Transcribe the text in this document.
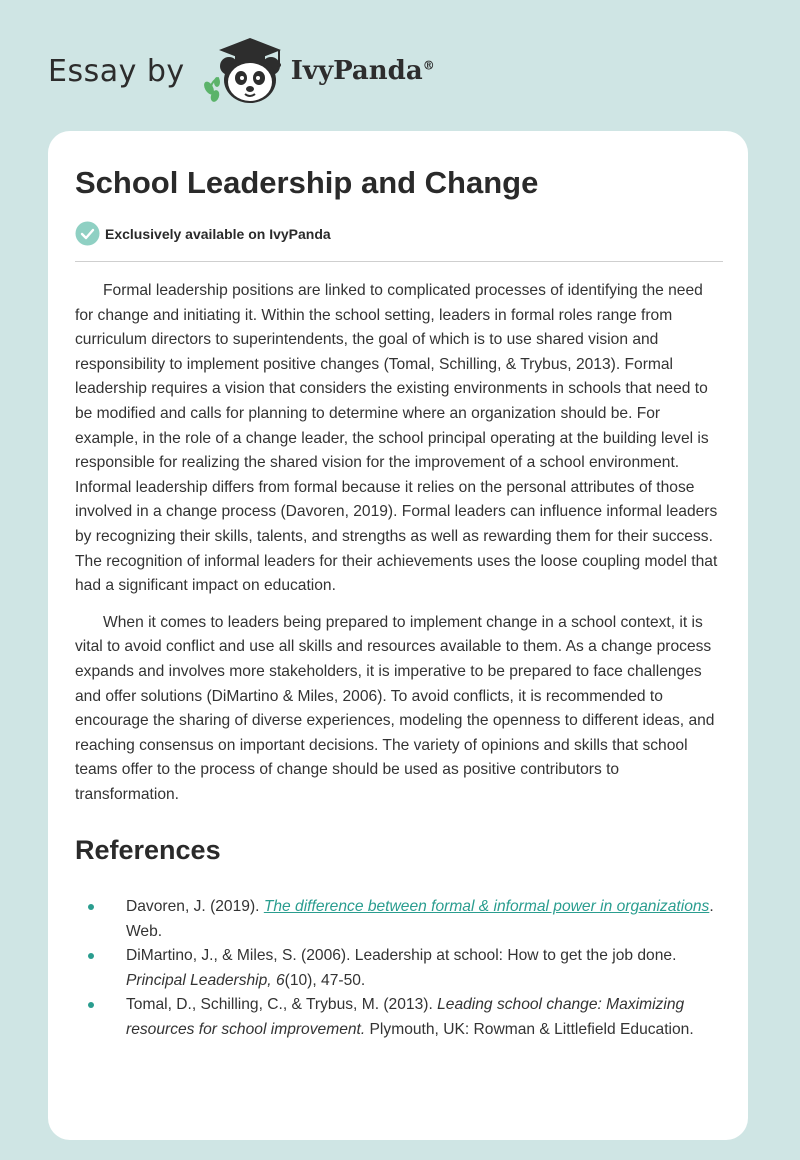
Essay by	IvyPanda®
School Leadership and Change
Exclusively available on IvyPanda

Formal leadership positions are linked to complicated processes of identifying the need for change and initiating it. Within the school setting, leaders in formal roles range from curriculum directors to superintendents, the goal of which is to use shared vision and responsibility to implement positive changes (Tomal, Schilling, & Trybus, 2013). Formal leadership requires a vision that considers the existing environments in schools that need to be modified and calls for planning to determine where an organization should be. For example, in the role of a change leader, the school principal operating at the building level is responsible for realizing the shared vision for the improvement of a school environment. Informal leadership differs from formal because it relies on the personal attributes of those involved in a change process (Davoren, 2019). Formal leaders can influence informal leaders by recognizing their skills, talents, and strengths as well as rewarding them for their success. The recognition of informal leaders for their achievements uses the loose coupling model that had a significant impact on education.

When it comes to leaders being prepared to implement change in a school context, it is vital to avoid conflict and use all skills and resources available to them. As a change process expands and involves more stakeholders, it is imperative to be prepared to face challenges and offer solutions (DiMartino & Miles, 2006). To avoid conflicts, it is recommended to encourage the sharing of diverse experiences, modeling the openness to different ideas, and reaching consensus on important decisions. The variety of opinions and skills that school teams offer to the process of change should be used as positive contributors to transformation.

References
Davoren, J. (2019). The difference between formal & informal power in organizations. Web.
DiMartino, J., & Miles, S. (2006). Leadership at school: How to get the job done. Principal Leadership, 6(10), 47-50.
Tomal, D., Schilling, C., & Trybus, M. (2013). Leading school change: Maximizing resources for school improvement. Plymouth, UK: Rowman & Littlefield Education.
